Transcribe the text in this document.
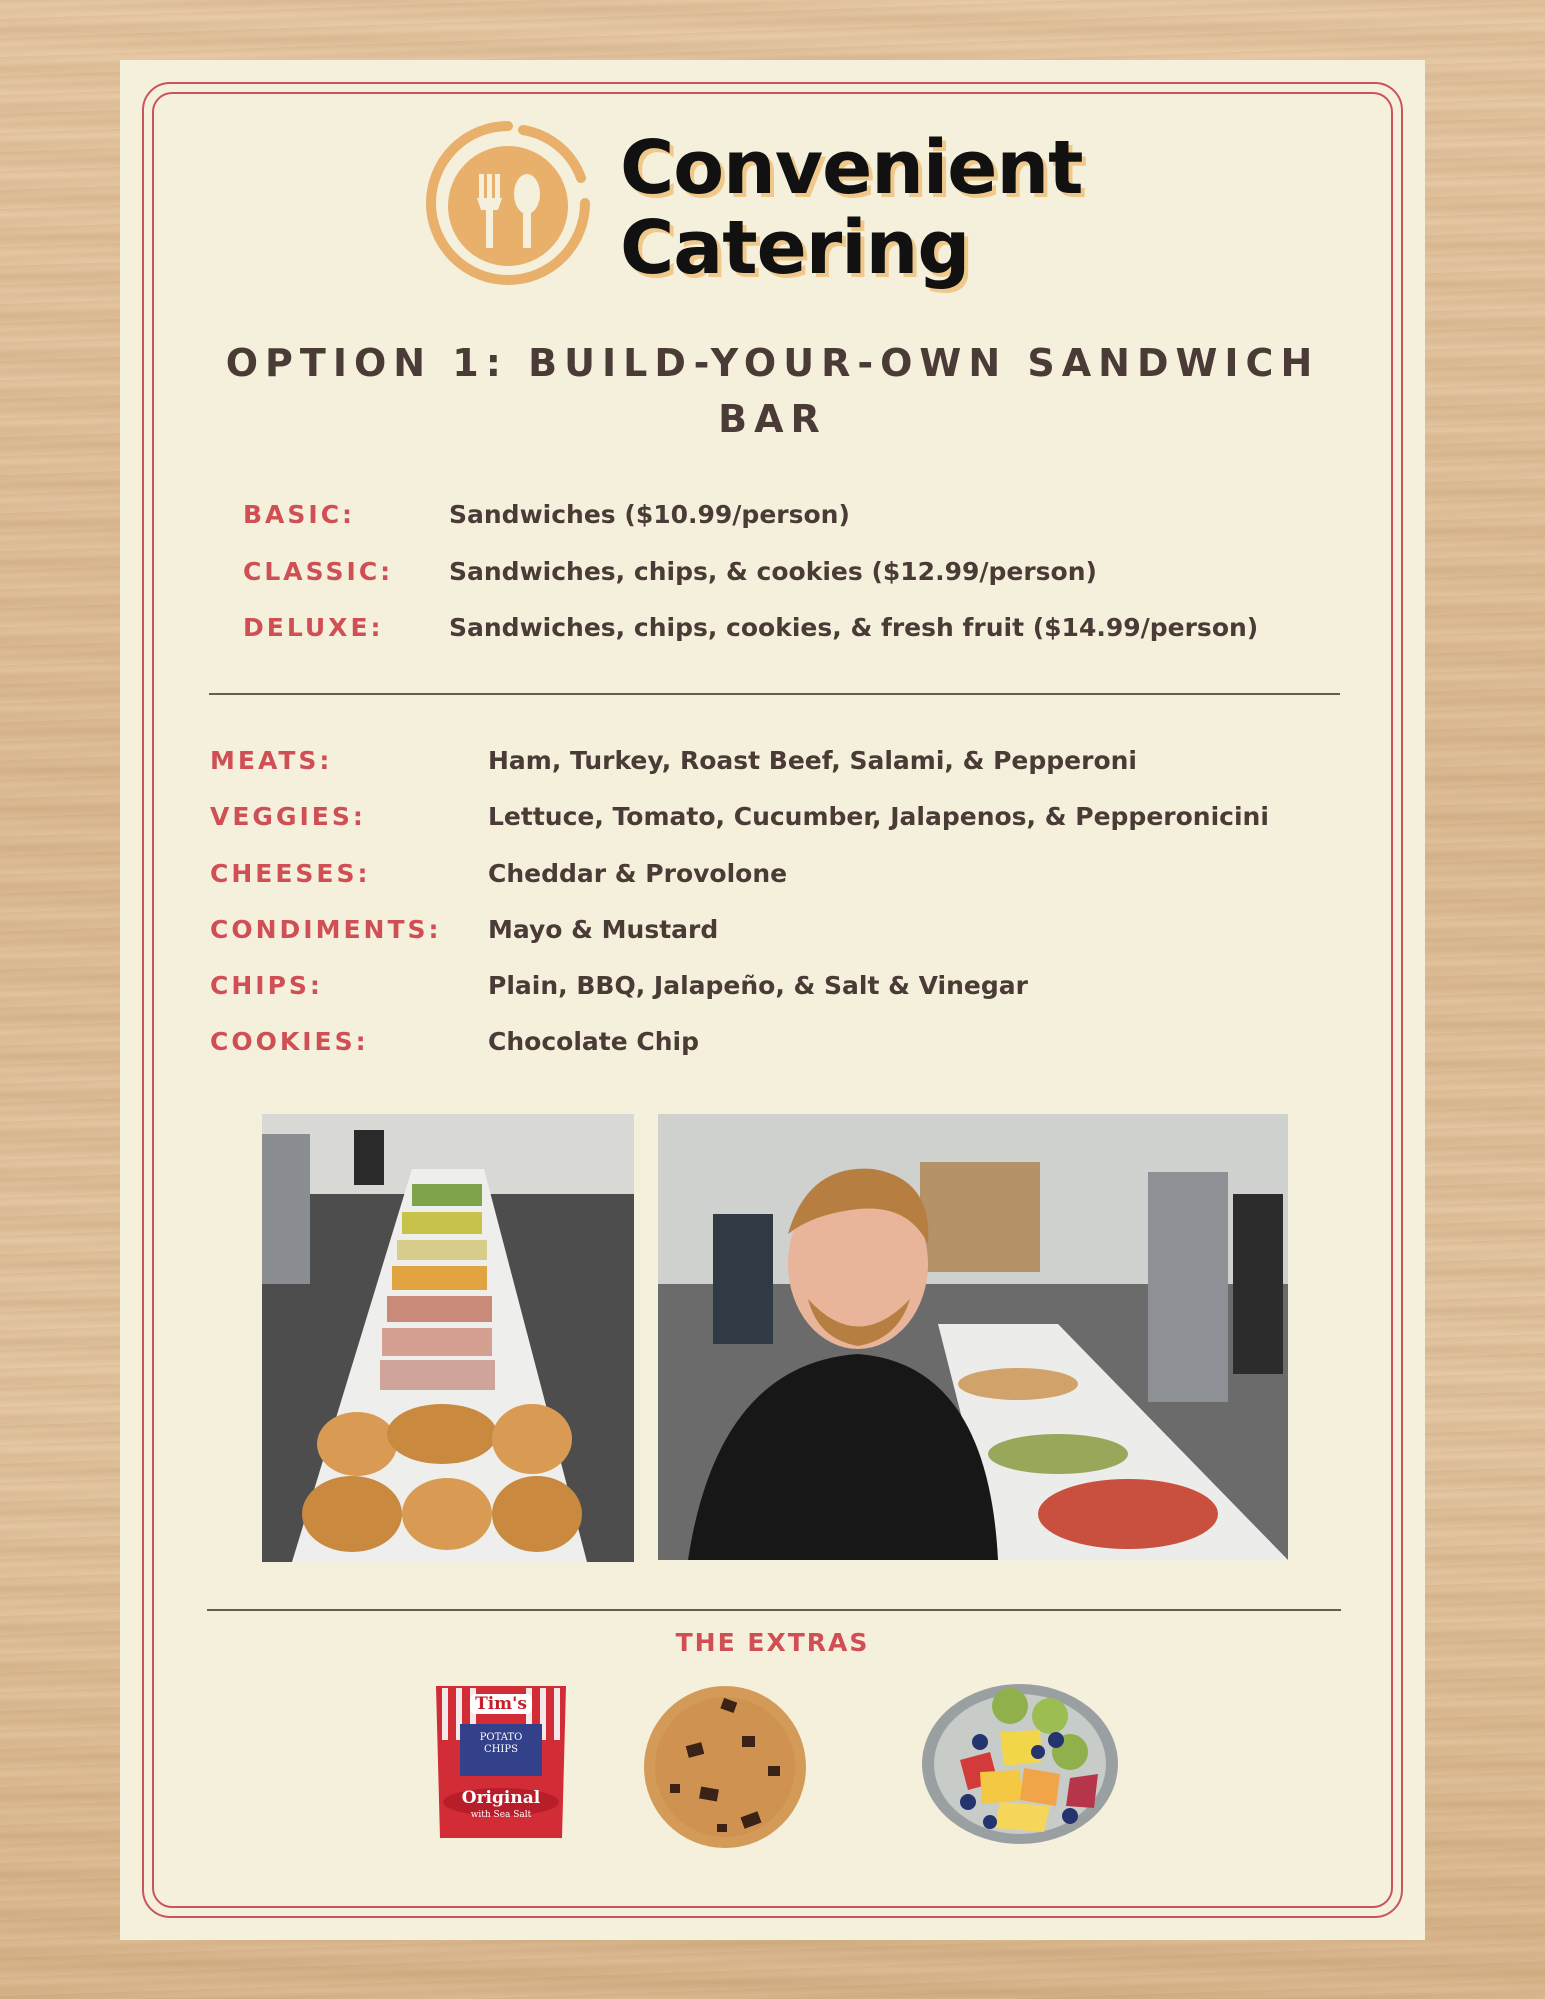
Convenient
Catering
OPTION 1: BUILD-YOUR-OWN SANDWICH
BAR
BASIC:	Sandwiches ($10.99/person)
CLASSIC: Sandwiches, chips, & cookies ($12.99/person)
DELUXE:	Sandwiches, chips, cookies, & fresh fruit ($14.99/person)
MEATS:	Ham, Turkey, Roast Beef, Salami, & Pepperoni
VEGGIES:	Lettuce, Tomato, Cucumber, Jalapenos, & Pepperonicini
CHEESES:	Cheddar & Provolone
CONDIMENTS: Mayo & Mustard
CHIPS:	Plain, BBQ, Jalapeño, & Salt & Vinegar
COOKIES:	Chocolate Chip
THE EXTRAS
Tim's
POTATO
CHIPS
Original
with Sea Salt
